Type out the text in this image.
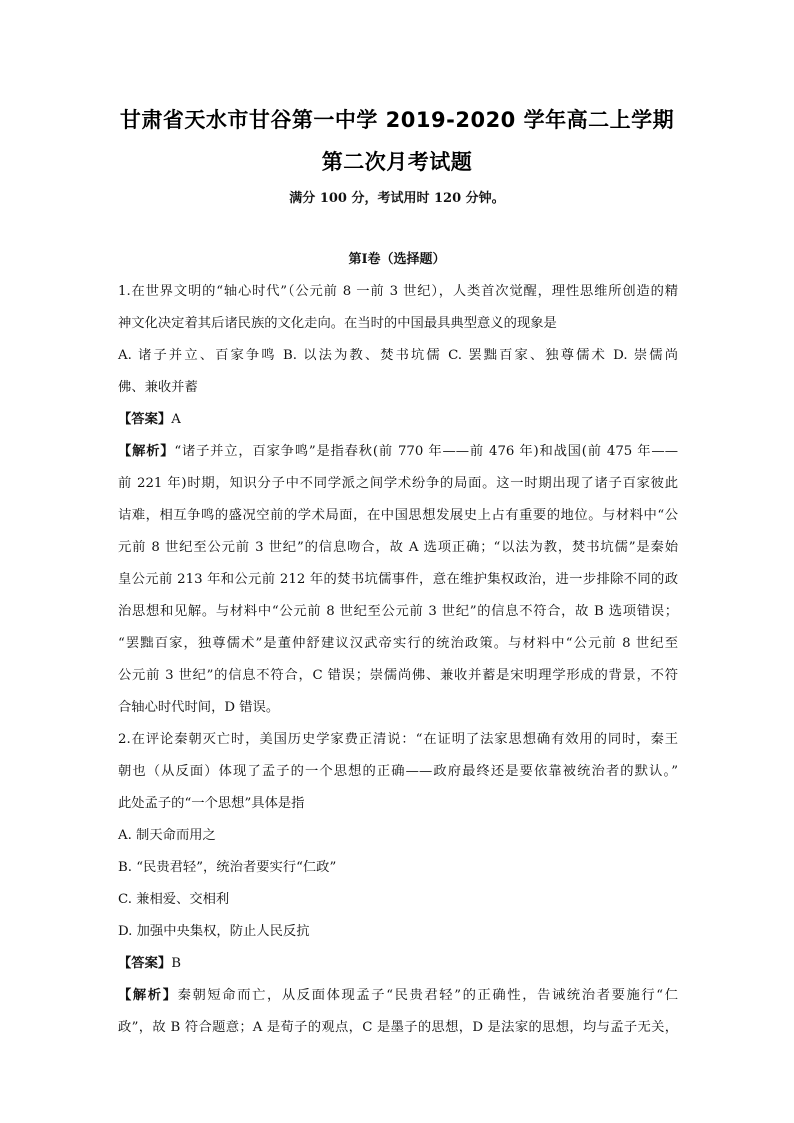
甘肃省天水市甘谷第一中学 2019-2020 学年高二上学期
第二次月考试题
满分 100 分，考试用时 120 分钟。
第Ⅰ卷（选择题）
1.在世界文明的“轴心时代”（公元前 8 一前 3 世纪），人类首次觉醒，理性思维所创造的精
神文化决定着其后诸民族的文化走向。在当时的中国最具典型意义的现象是
A. 诸子并立、百家争鸣 B. 以法为教、焚书坑儒 C. 罢黜百家、独尊儒术 D. 崇儒尚
佛、兼收并蓄
【答案】A
【解析】“诸子并立，百家争鸣”是指春秋(前 770 年——前 476 年)和战国(前 475 年——
前 221 年)时期，知识分子中不同学派之间学术纷争的局面。这一时期出现了诸子百家彼此
诘难，相互争鸣的盛况空前的学术局面，在中国思想发展史上占有重要的地位。与材料中“公
元前 8 世纪至公元前 3 世纪”的信息吻合，故 A 选项正确；“以法为教，焚书坑儒”是秦始
皇公元前 213 年和公元前 212 年的焚书坑儒事件，意在维护集权政治，进一步排除不同的政
治思想和见解。与材料中“公元前 8 世纪至公元前 3 世纪”的信息不符合，故 B 选项错误；
“罢黜百家，独尊儒术”是董仲舒建议汉武帝实行的统治政策。与材料中“公元前 8 世纪至
公元前 3 世纪”的信息不符合，C 错误；崇儒尚佛、兼收并蓄是宋明理学形成的背景，不符
合轴心时代时间，D 错误。
2.在评论秦朝灭亡时，美国历史学家费正清说：“在证明了法家思想确有效用的同时，秦王
朝也（从反面）体现了孟子的一个思想的正确——政府最终还是要依靠被统治者的默认。”
此处孟子的“一个思想”具体是指
A. 制天命而用之
B. “民贵君轻”，统治者要实行“仁政”
C. 兼相爱、交相利
D. 加强中央集权，防止人民反抗
【答案】B
【解析】秦朝短命而亡，从反面体现孟子“民贵君轻”的正确性，告诫统治者要施行“仁
政”，故 B 符合题意；A 是荀子的观点，C 是墨子的思想，D 是法家的思想，均与孟子无关，
